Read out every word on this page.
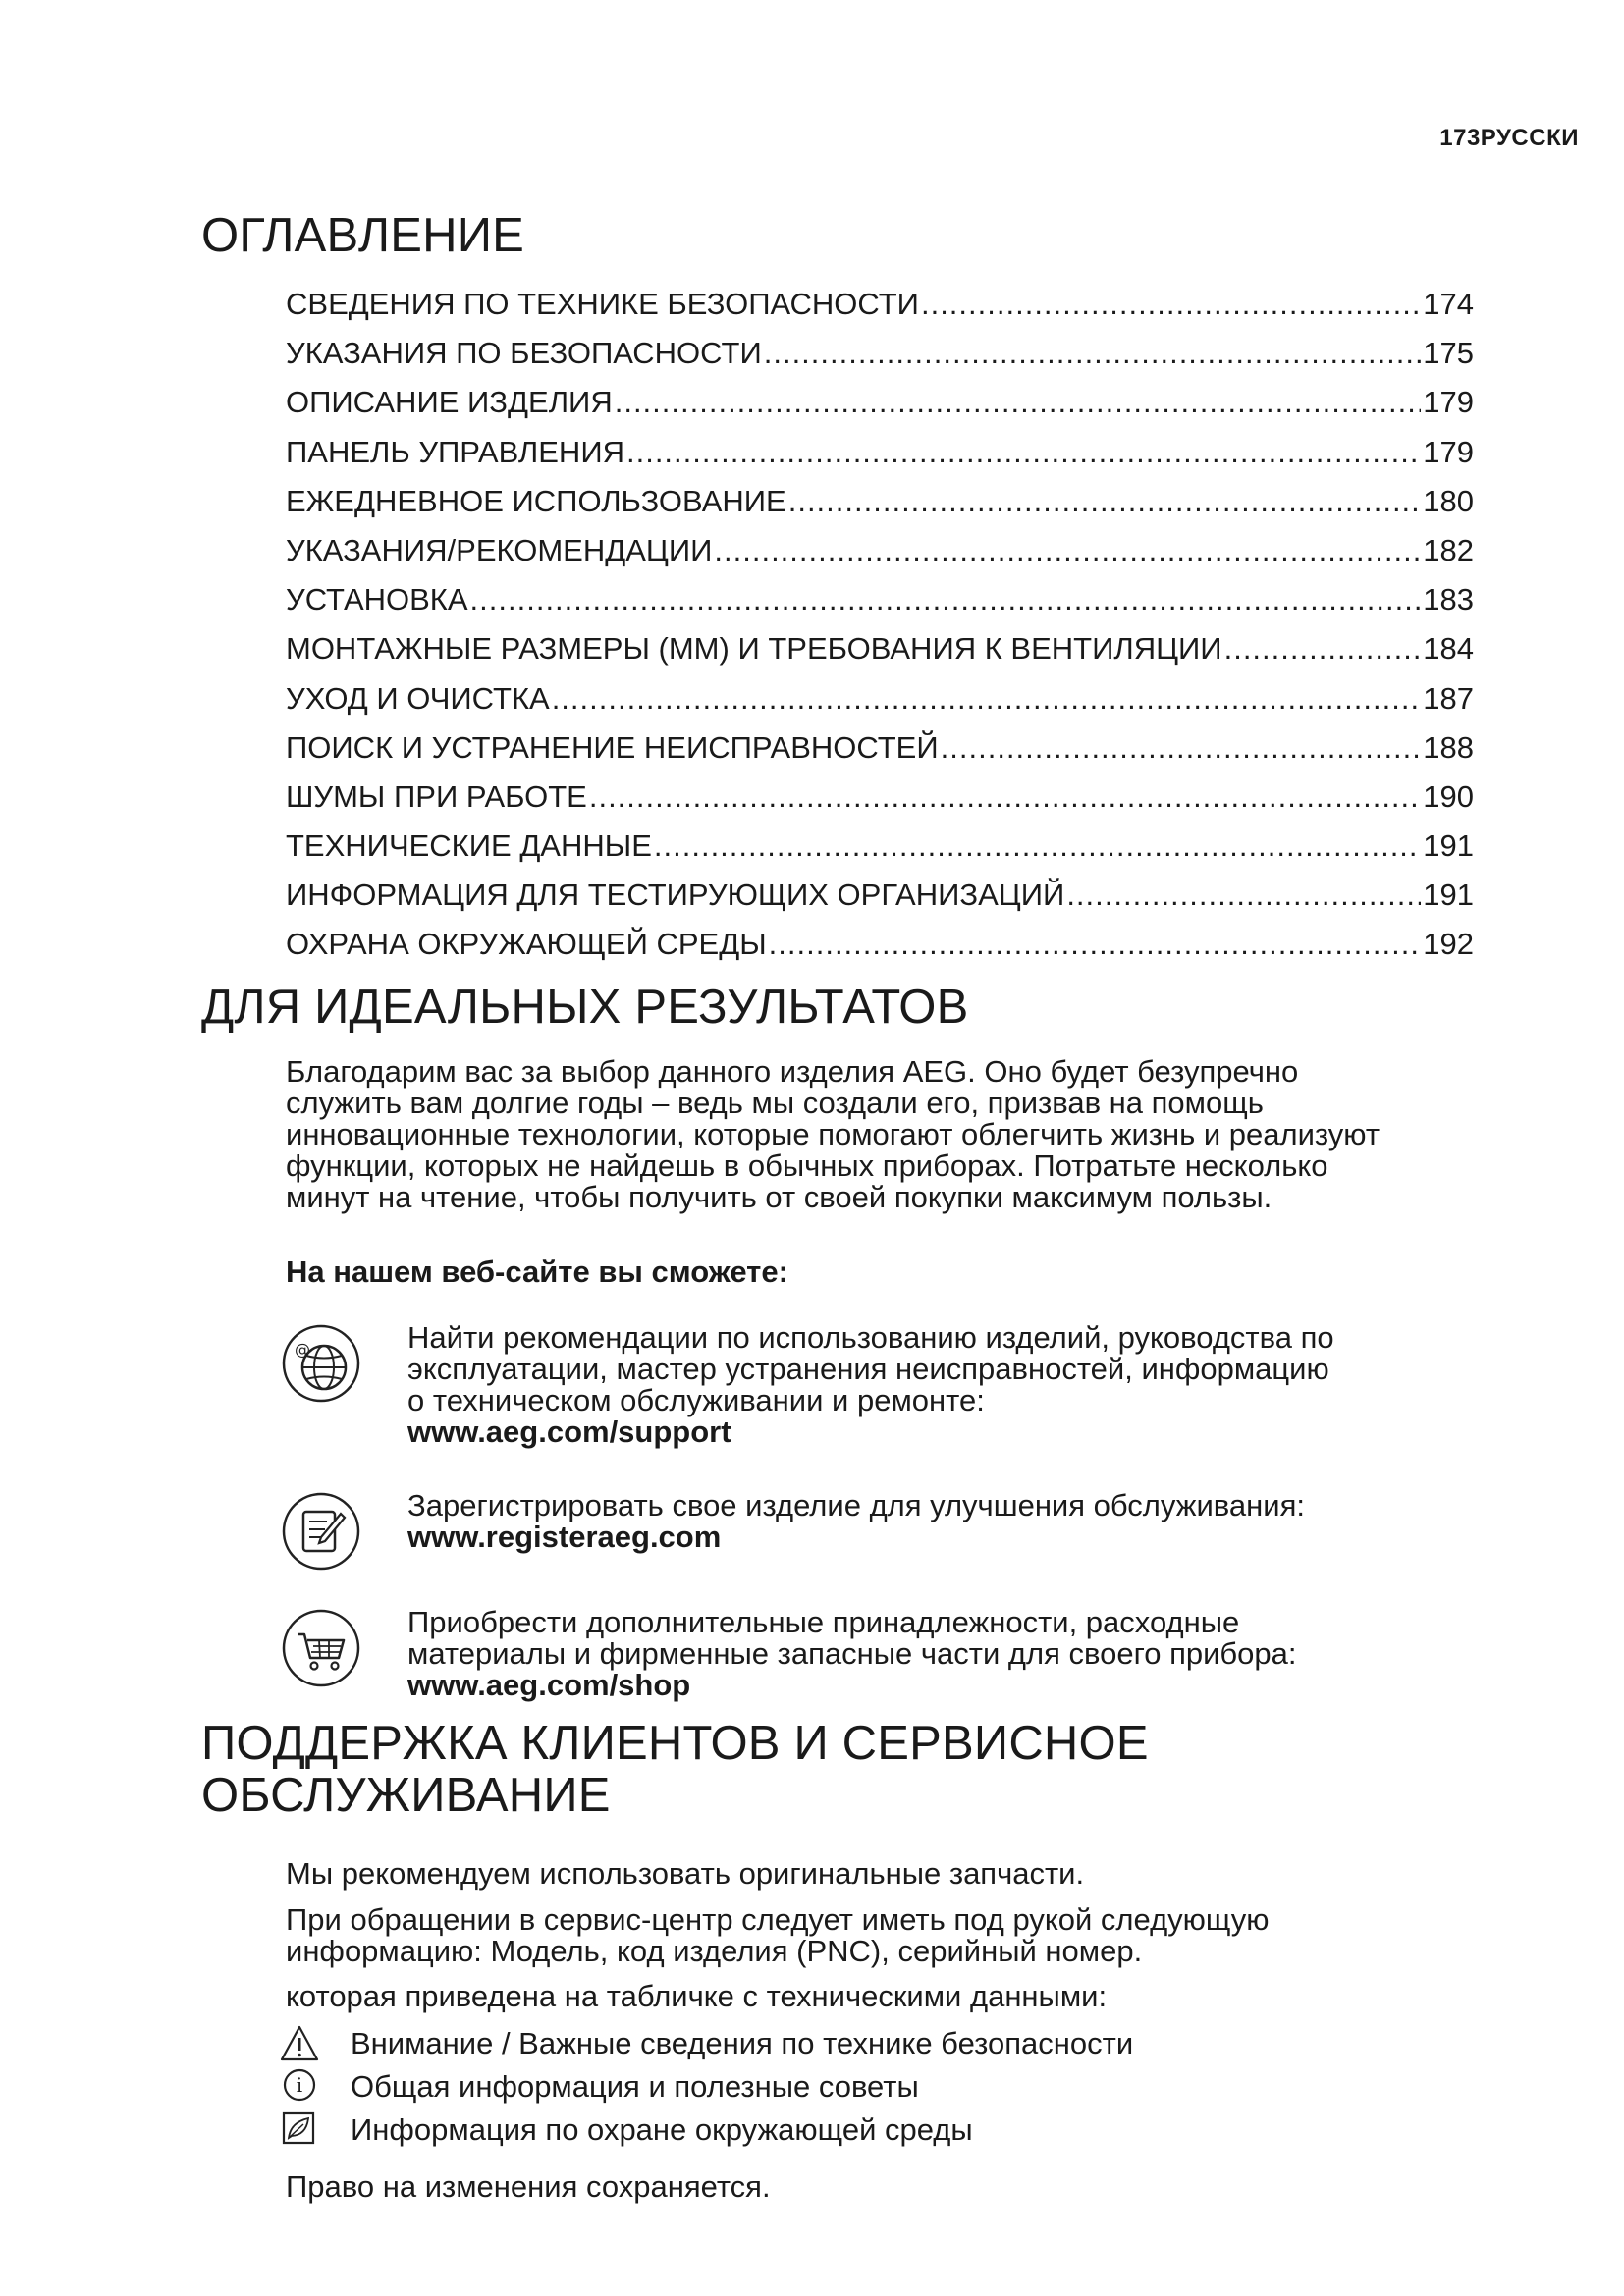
173РУССКИ
ОГЛАВЛЕНИЕ
СВЕДЕНИЯ ПО ТЕХНИКЕ БЕЗОПАСНОСТИ .....	174
УКАЗАНИЯ ПО БЕЗОПАСНОСТИ .....	175
ОПИСАНИЕ ИЗДЕЛИЯ .....	179
ПАНЕЛЬ УПРАВЛЕНИЯ .....	179
ЕЖЕДНЕВНОЕ ИСПОЛЬЗОВАНИЕ .....	180
УКАЗАНИЯ/РЕКОМЕНДАЦИИ .....	182
УСТАНОВКА .....	183
МОНТАЖНЫЕ РАЗМЕРЫ (ММ) И ТРЕБОВАНИЯ К ВЕНТИЛЯЦИИ .....	184
УХОД И ОЧИСТКА .....	187
ПОИСК И УСТРАНЕНИЕ НЕИСПРАВНОСТЕЙ .....	188
ШУМЫ ПРИ РАБОТЕ .....	190
ТЕХНИЧЕСКИЕ ДАННЫЕ .....	191
ИНФОРМАЦИЯ ДЛЯ ТЕСТИРУЮЩИХ ОРГАНИЗАЦИЙ .....	191
ОХРАНА ОКРУЖАЮЩЕЙ СРЕДЫ .....	192
ДЛЯ ИДЕАЛЬНЫХ РЕЗУЛЬТАТОВ
Благодарим вас за выбор данного изделия AEG. Оно будет безупречно
служить вам долгие годы – ведь мы создали его, призвав на помощь
инновационные технологии, которые помогают облегчить жизнь и реализуют
функции, которых не найдешь в обычных приборах. Потратьте несколько
минут на чтение, чтобы получить от своей покупки максимум пользы.
На нашем веб-сайте вы сможете:
@	Найти рекомендации по использованию изделий, руководства по
эксплуатации, мастер устранения неисправностей, информацию
о техническом обслуживании и ремонте:
www.aeg.com/support
Зарегистрировать свое изделие для улучшения обслуживания:
www.registeraeg.com
Приобрести дополнительные принадлежности, расходные
материалы и фирменные запасные части для своего прибора:
www.aeg.com/shop
ПОДДЕРЖКА КЛИЕНТОВ И СЕРВИСНОЕ
ОБСЛУЖИВАНИЕ
Мы рекомендуем использовать оригинальные запчасти.
При обращении в сервис-центр следует иметь под рукой следующую
информацию: Модель, код изделия (PNC), серийный номер.
которая приведена на табличке с техническими данными:
Внимание / Важные сведения по технике безопасности
i Общая информация и полезные советы
Информация по охране окружающей среды
Право на изменения сохраняется.
